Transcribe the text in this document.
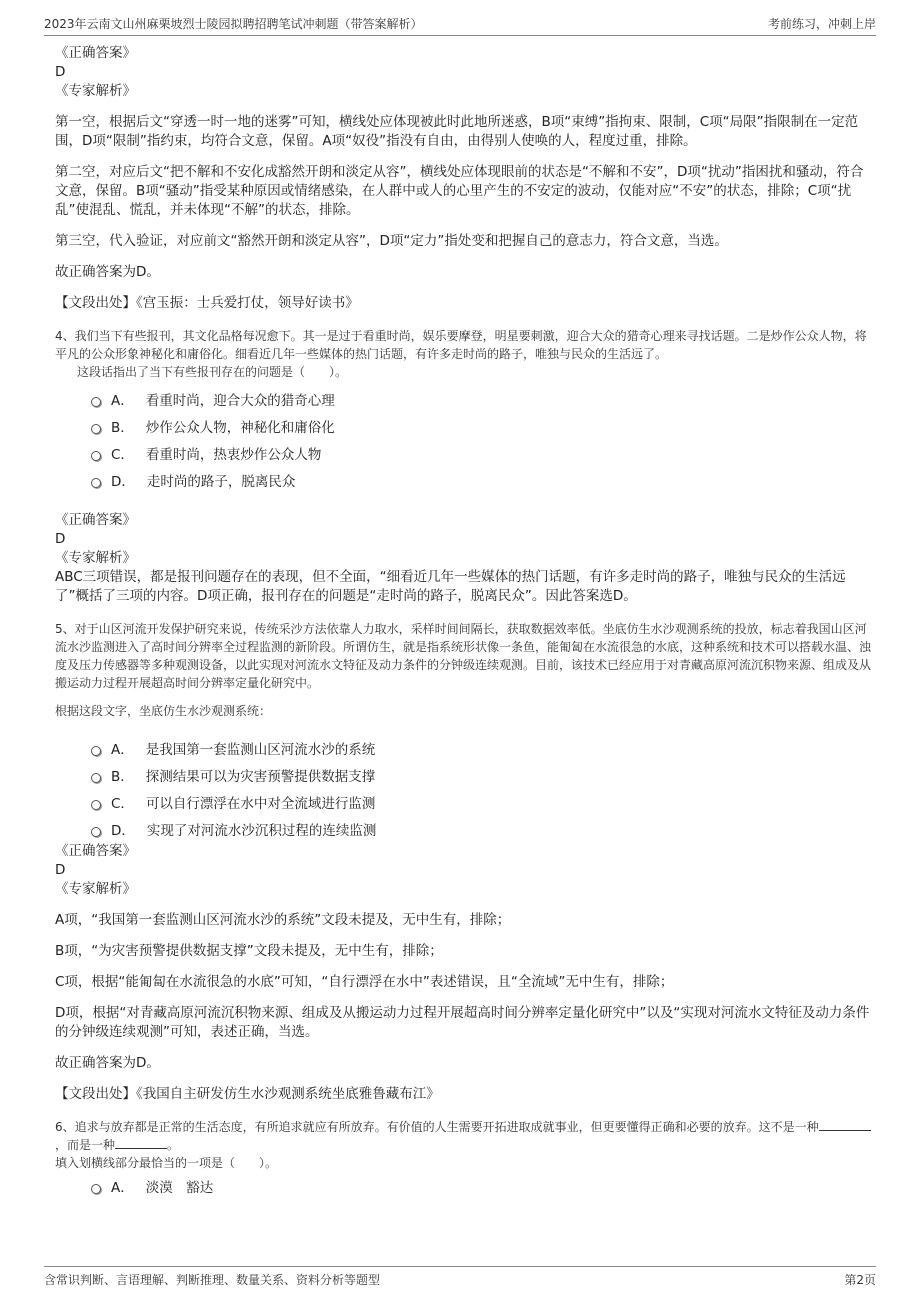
2023年云南文山州麻栗坡烈士陵园拟聘招聘笔试冲刺题（带答案解析）	考前练习，冲刺上岸

《正确答案》

D

《专家解析》

第一空，根据后文“穿透一时一地的迷雾”可知，横线处应体现被此时此地所迷惑，B项“束缚”指拘束、限制，C项“局限”指限制在一定范围，D项“限制”指约束，均符合文意，保留。A项“奴役”指没有自由，由得别人使唤的人，程度过重，排除。

第二空，对应后文“把不解和不安化成豁然开朗和淡定从容”，横线处应体现眼前的状态是“不解和不安”，D项“扰动”指困扰和骚动，符合文意，保留。B项“骚动”指受某种原因或情绪感染，在人群中或人的心里产生的不安定的波动，仅能对应“不安”的状态，排除；C项“扰乱”使混乱、慌乱，并未体现“不解”的状态，排除。

第三空，代入验证，对应前文“豁然开朗和淡定从容”，D项“定力”指处变和把握自己的意志力，符合文意，当选。

故正确答案为D。

【文段出处】《宫玉振：士兵爱打仗，领导好读书》

4、我们当下有些报刊，其文化品格每况愈下。其一是过于看重时尚，娱乐要摩登，明星要刺激，迎合大众的猎奇心理来寻找话题。二是炒作公众人物，将平凡的公众形象神秘化和庸俗化。细看近几年一些媒体的热门话题，有许多走时尚的路子，唯独与民众的生活远了。

这段话指出了当下有些报刊存在的问题是（　　）。

A． 看重时尚，迎合大众的猎奇心理
B． 炒作公众人物，神秘化和庸俗化
C． 看重时尚，热衷炒作公众人物
D． 走时尚的路子，脱离民众

《正确答案》

D

《专家解析》

ABC三项错误，都是报刊问题存在的表现，但不全面，“细看近几年一些媒体的热门话题，有许多走时尚的路子，唯独与民众的生活远了”概括了三项的内容。D项正确，报刊存在的问题是“走时尚的路子，脱离民众”。因此答案选D。

5、对于山区河流开发保护研究来说，传统采沙方法依靠人力取水，采样时间间隔长，获取数据效率低。坐底仿生水沙观测系统的投放，标志着我国山区河流水沙监测进入了高时间分辨率全过程监测的新阶段。所谓仿生，就是指系统形状像一条鱼，能匍匐在水流很急的水底，这种系统和技术可以搭载水温、浊度及压力传感器等多种观测设备，以此实现对河流水文特征及动力条件的分钟级连续观测。目前，该技术已经应用于对青藏高原河流沉积物来源、组成及从搬运动力过程开展超高时间分辨率定量化研究中。

根据这段文字，坐底仿生水沙观测系统：

A． 是我国第一套监测山区河流水沙的系统
B． 探测结果可以为灾害预警提供数据支撑
C． 可以自行漂浮在水中对全流域进行监测
D． 实现了对河流水沙沉积过程的连续监测

《正确答案》

D

《专家解析》

A项，“我国第一套监测山区河流水沙的系统”文段未提及，无中生有，排除；

B项，“为灾害预警提供数据支撑”文段未提及，无中生有，排除；

C项，根据“能匍匐在水流很急的水底”可知，“自行漂浮在水中”表述错误，且“全流域”无中生有，排除；

D项，根据“对青藏高原河流沉积物来源、组成及从搬运动力过程开展超高时间分辨率定量化研究中”以及“实现对河流水文特征及动力条件的分钟级连续观测”可知，表述正确，当选。

故正确答案为D。

【文段出处】《我国自主研发仿生水沙观测系统坐底雅鲁藏布江》

6、追求与放弃都是正常的生活态度，有所追求就应有所放弃。有价值的人生需要开拓进取成就事业，但更要懂得正确和必要的放弃。这不是一种，而是一种	。

填入划横线部分最恰当的一项是（　　）。

A． 淡漠　豁达
含常识判断、言语理解、判断推理、数量关系、资料分析等题型	第2页
